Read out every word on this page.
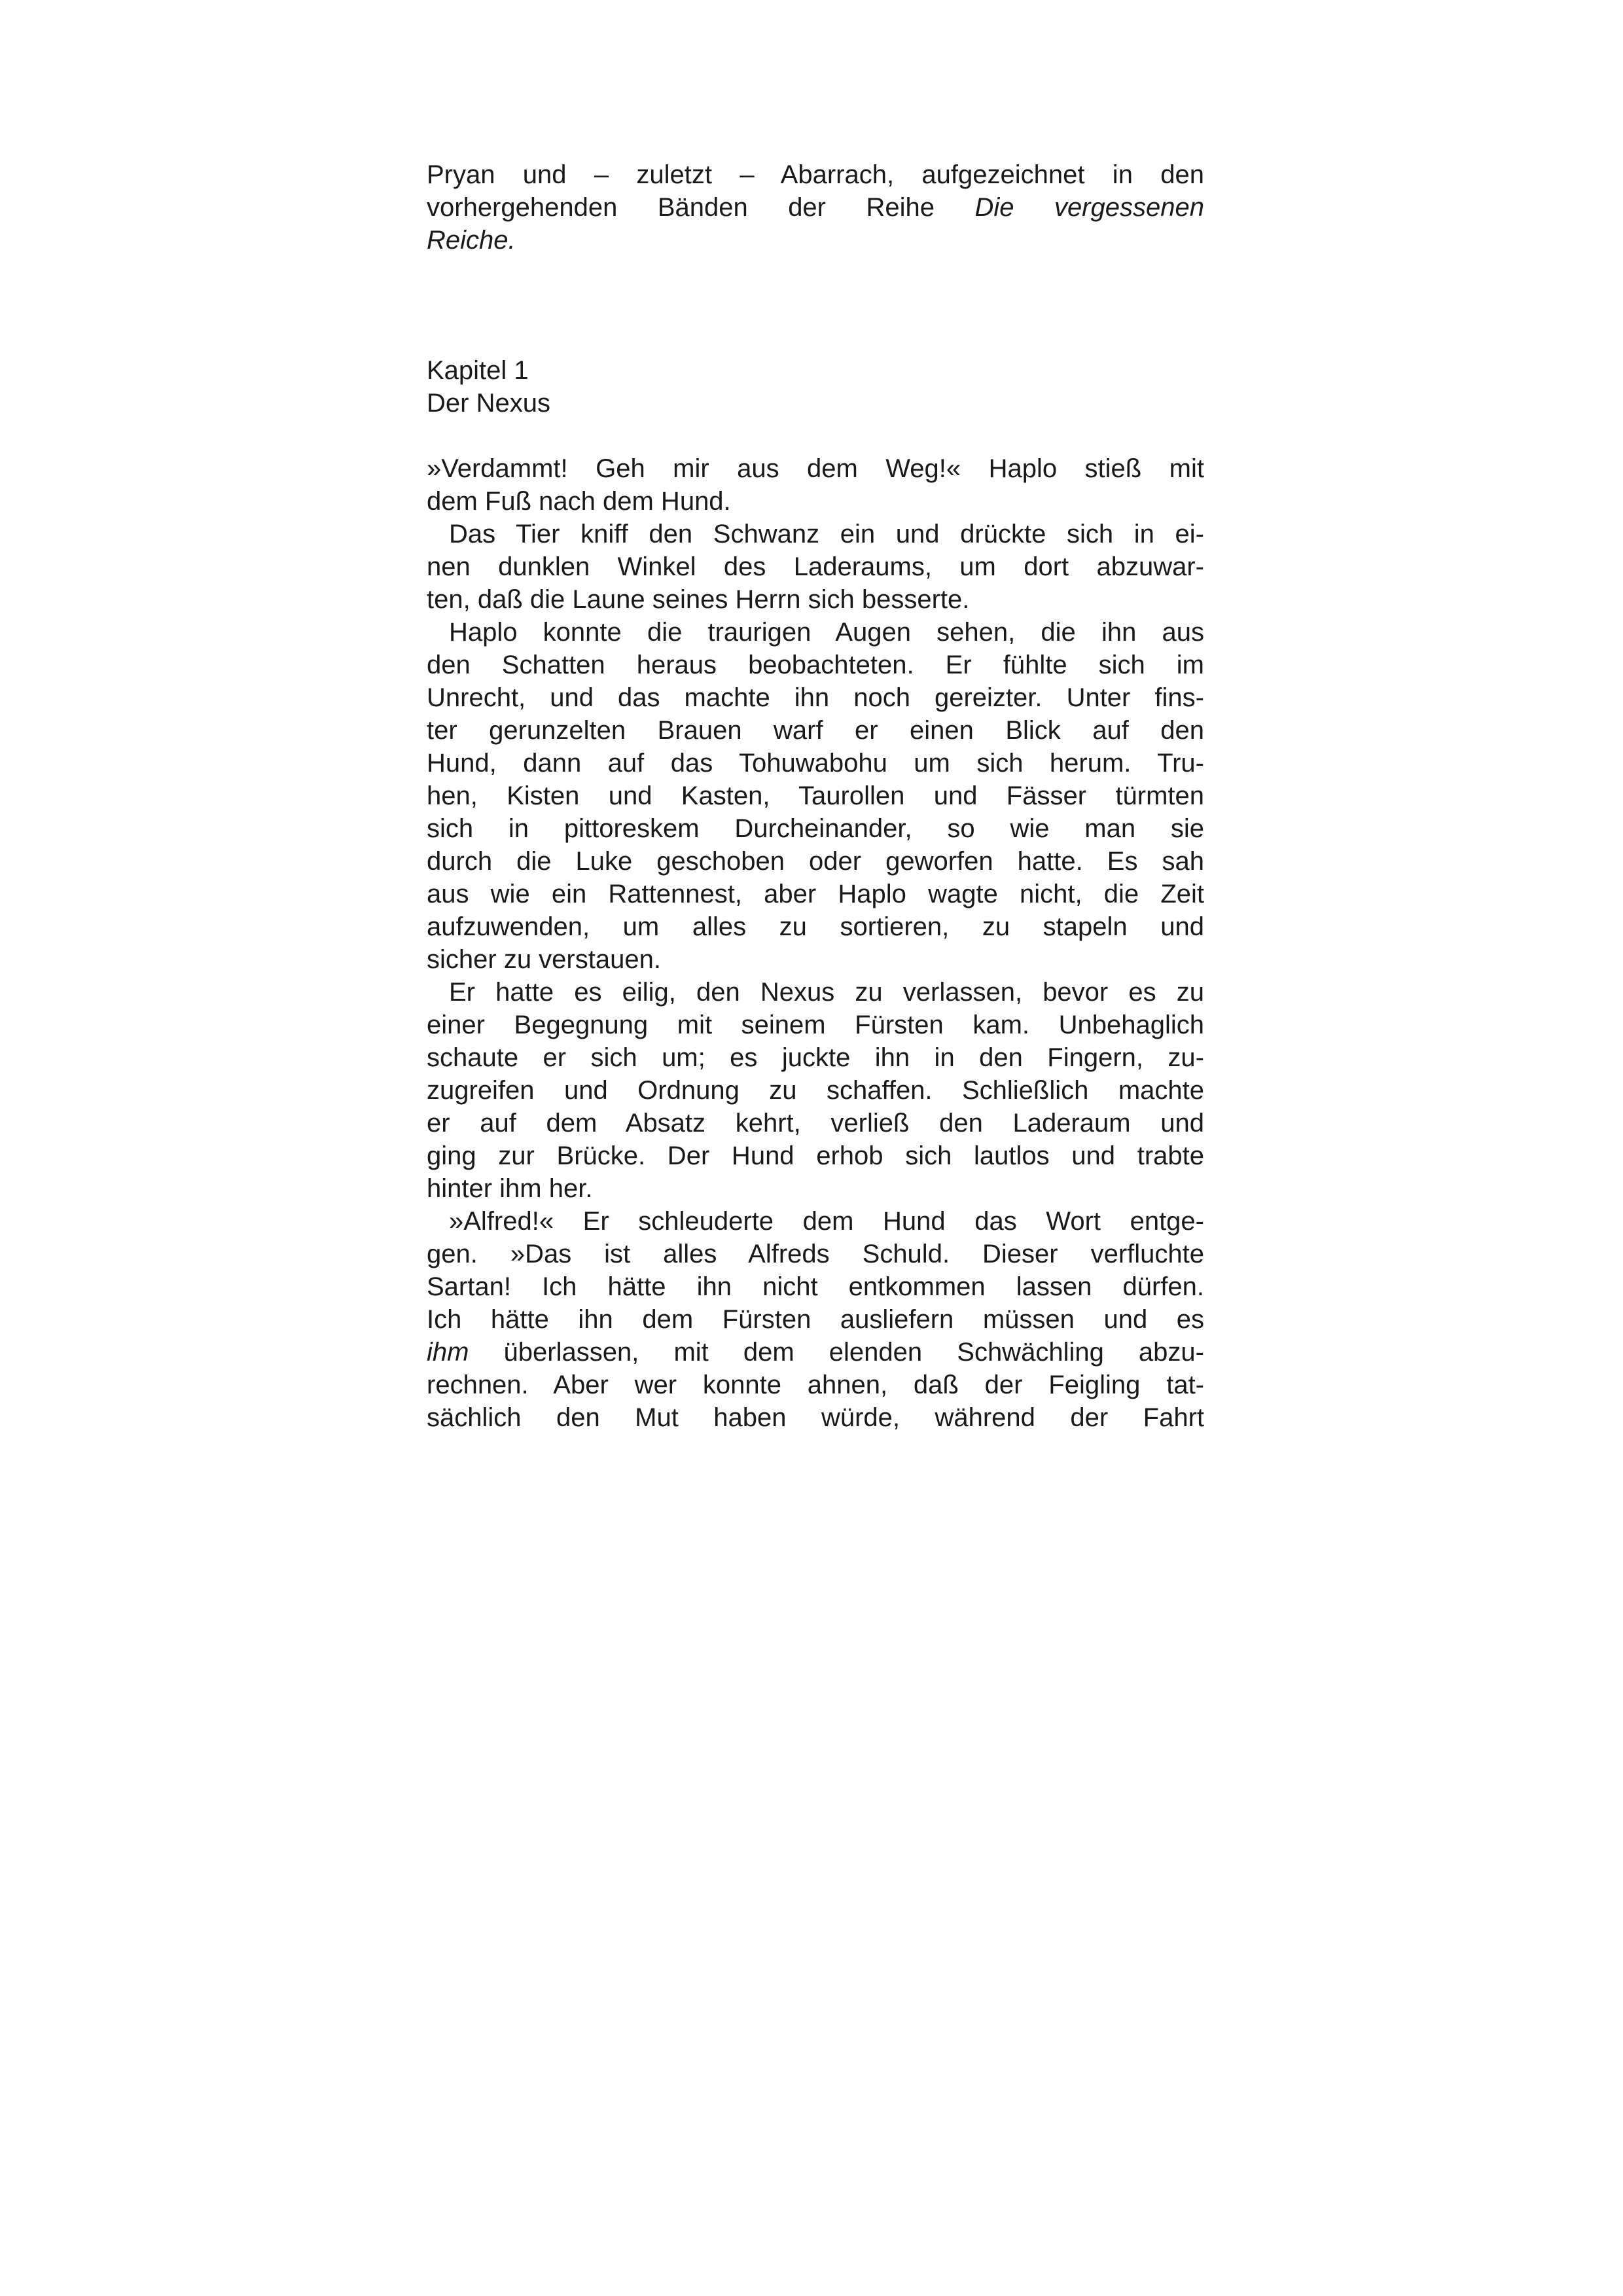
Pryan und – zuletzt – Abarrach, aufgezeichnet in den
vorhergehenden Bänden der Reihe Die vergessenen
Reiche.
Kapitel 1
Der Nexus
»Verdammt! Geh mir aus dem Weg!« Haplo stieß mit
dem Fuß nach dem Hund.
Das Tier kniff den Schwanz ein und drückte sich in ei-
nen dunklen Winkel des Laderaums, um dort abzuwar-
ten, daß die Laune seines Herrn sich besserte.
Haplo konnte die traurigen Augen sehen, die ihn aus
den Schatten heraus beobachteten. Er fühlte sich im
Unrecht, und das machte ihn noch gereizter. Unter fins-
ter gerunzelten Brauen warf er einen Blick auf den
Hund, dann auf das Tohuwabohu um sich herum. Tru-
hen, Kisten und Kasten, Taurollen und Fässer türmten
sich in pittoreskem Durcheinander, so wie man sie
durch die Luke geschoben oder geworfen hatte. Es sah
aus wie ein Rattennest, aber Haplo wagte nicht, die Zeit
aufzuwenden, um alles zu sortieren, zu stapeln und
sicher zu verstauen.
Er hatte es eilig, den Nexus zu verlassen, bevor es zu
einer Begegnung mit seinem Fürsten kam. Unbehaglich
schaute er sich um; es juckte ihn in den Fingern, zu-
zugreifen und Ordnung zu schaffen. Schließlich machte
er auf dem Absatz kehrt, verließ den Laderaum und
ging zur Brücke. Der Hund erhob sich lautlos und trabte
hinter ihm her.
»Alfred!« Er schleuderte dem Hund das Wort entge-
gen. »Das ist alles Alfreds Schuld. Dieser verfluchte
Sartan! Ich hätte ihn nicht entkommen lassen dürfen.
Ich hätte ihn dem Fürsten ausliefern müssen und es
ihm überlassen, mit dem elenden Schwächling abzu-
rechnen. Aber wer konnte ahnen, daß der Feigling tat-
sächlich den Mut haben würde, während der Fahrt
